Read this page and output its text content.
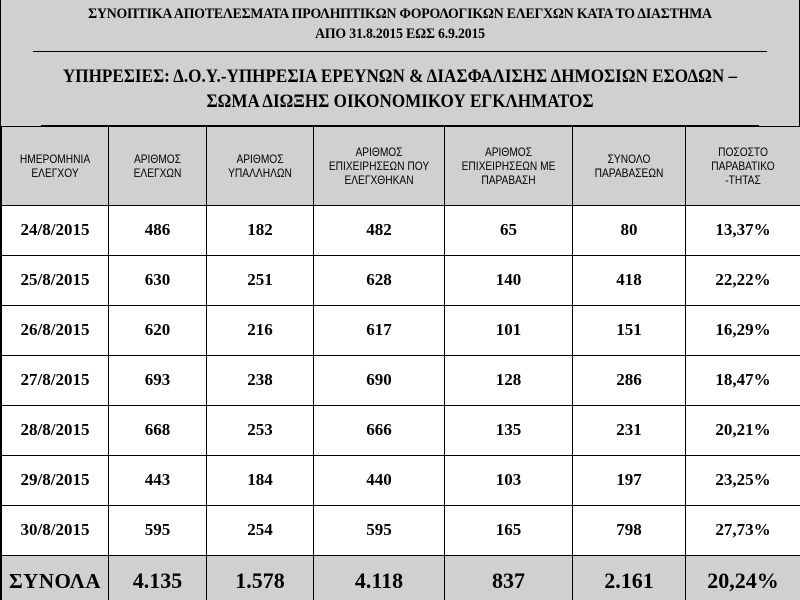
ΣΥΝΟΠΤΙΚΑ ΑΠΟΤΕΛΕΣΜΑΤΑ ΠΡΟΛΗΠΤΙΚΩΝ ΦΟΡΟΛΟΓΙΚΩΝ ΕΛΕΓΧΩΝ ΚΑΤΑ ΤΟ ΔΙΑΣΤΗΜΑ
ΑΠΟ 31.8.2015 ΕΩΣ 6.9.2015
ΥΠΗΡΕΣΙΕΣ: Δ.Ο.Υ.-ΥΠΗΡΕΣΙΑ ΕΡΕΥΝΩΝ & ΔΙΑΣΦΑΛΙΣΗΣ ΔΗΜΟΣΙΩΝ ΕΣΟΔΩΝ –
ΣΩΜΑ ΔΙΩΞΗΣ ΟΙΚΟΝΟΜΙΚΟΥ ΕΓΚΛΗΜΑΤΟΣ
ΗΜΕΡΟΜΗΝΙΑ ΕΛΕΓΧΟΥ	ΑΡΙΘΜΟΣ ΕΛΕΓΧΩΝ	ΑΡΙΘΜΟΣ ΥΠΑΛΛΗΛΩΝ	ΑΡΙΘΜΟΣ ΕΠΙΧΕΙΡΗΣΕΩΝ ΠΟΥ ΕΛΕΓΧΘΗΚΑΝ	ΑΡΙΘΜΟΣ ΕΠΙΧΕΙΡΗΣΕΩΝ ΜΕ ΠΑΡΑΒΑΣΗ	ΣΥΝΟΛΟ ΠΑΡΑΒΑΣΕΩΝ	ΠΟΣΟΣΤΟ ΠΑΡΑΒΑΤΙΚΟ -ΤΗΤΑΣ
24/8/2015	486	182	482	65	80	13,37%
25/8/2015	630	251	628	140	418	22,22%
26/8/2015	620	216	617	101	151	16,29%
27/8/2015	693	238	690	128	286	18,47%
28/8/2015	668	253	666	135	231	20,21%
29/8/2015	443	184	440	103	197	23,25%
30/8/2015	595	254	595	165	798	27,73%
ΣΥΝΟΛΑ	4.135	1.578	4.118	837	2.161	20,24%
